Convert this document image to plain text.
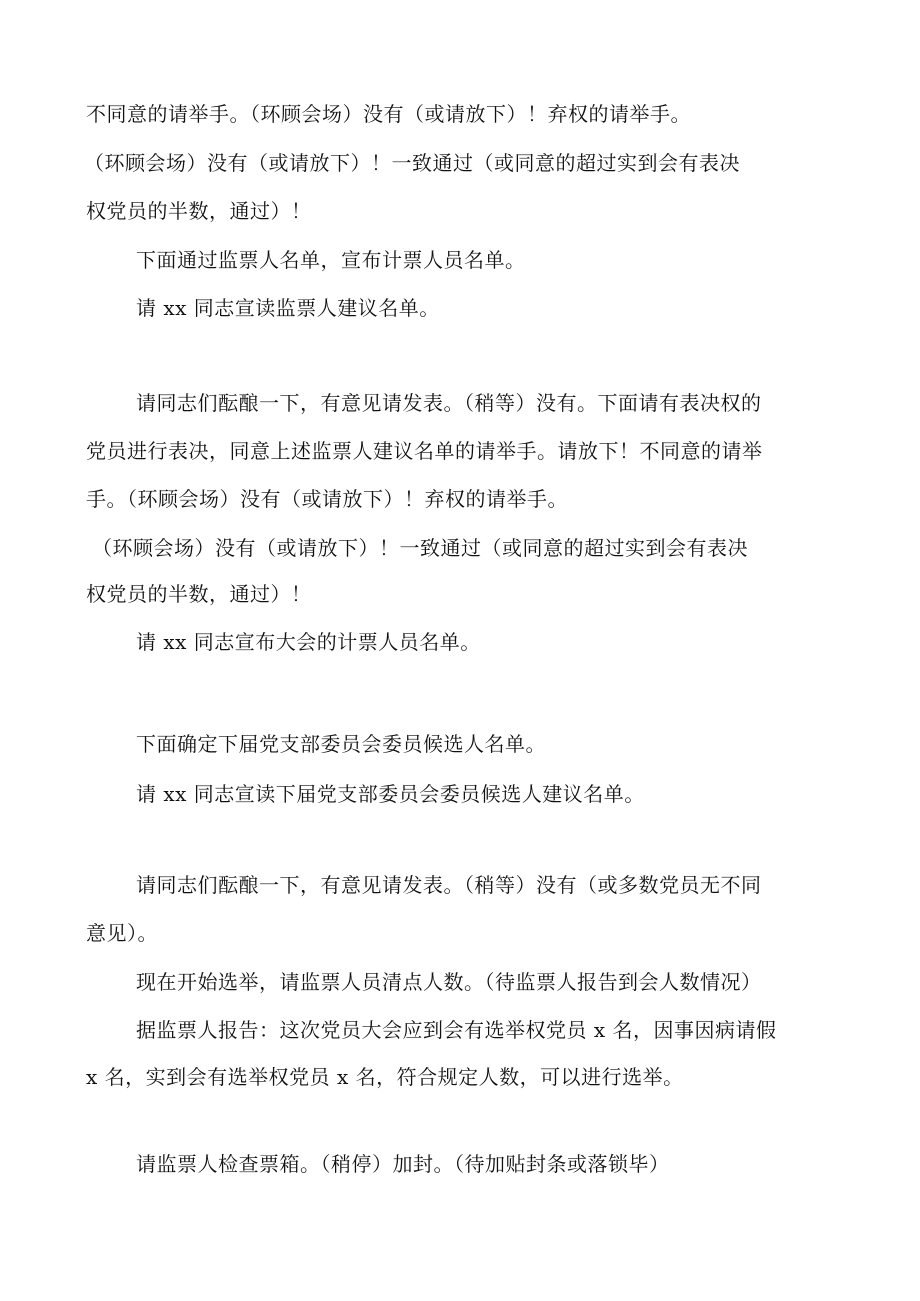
不同意的请举手。（环顾会场）没有（或请放下）！弃权的请举手。
（环顾会场）没有（或请放下）！一致通过（或同意的超过实到会有表决
权党员的半数，通过）！
下面通过监票人名单，宣布计票人员名单。
请 xx 同志宣读监票人建议名单。
请同志们酝酿一下，有意见请发表。（稍等）没有。下面请有表决权的
党员进行表决，同意上述监票人建议名单的请举手。请放下！不同意的请举
手。（环顾会场）没有（或请放下）！弃权的请举手。
（环顾会场）没有（或请放下）！一致通过（或同意的超过实到会有表决
权党员的半数，通过）！
请 xx 同志宣布大会的计票人员名单。
下面确定下届党支部委员会委员候选人名单。
请 xx 同志宣读下届党支部委员会委员候选人建议名单。
请同志们酝酿一下，有意见请发表。（稍等）没有（或多数党员无不同
意见）。
现在开始选举，请监票人员清点人数。（待监票人报告到会人数情况）
据监票人报告：这次党员大会应到会有选举权党员 x 名，因事因病请假
x 名，实到会有选举权党员 x 名，符合规定人数，可以进行选举。
请监票人检查票箱。（稍停）加封。（待加贴封条或落锁毕）
